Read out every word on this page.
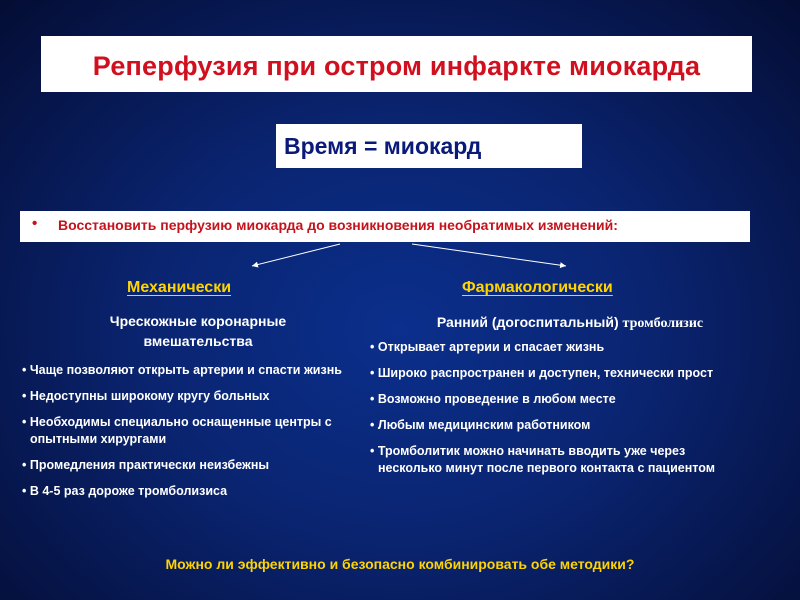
Реперфузия при остром инфаркте миокарда
Время = миокард
• Восстановить перфузию миокарда до возникновения необратимых изменений:
Механически
Чрескожные коронарные вмешательства
• Чаще позволяют открыть артерии и спасти жизнь
• Недоступны широкому кругу больных
• Необходимы специально оснащенные центры с опытными хирургами
• Промедления практически неизбежны
• В 4-5 раз дороже тромболизиса
Фармакологически
Ранний (догоспитальный) тромболизис
• Открывает артерии и спасает жизнь
• Широко распространен и доступен, технически прост
• Возможно проведение в любом месте
• Любым медицинским работником
• Тромболитик можно начинать вводить уже через несколько минут после первого контакта с пациентом
Можно ли эффективно и безопасно комбинировать обе методики?
